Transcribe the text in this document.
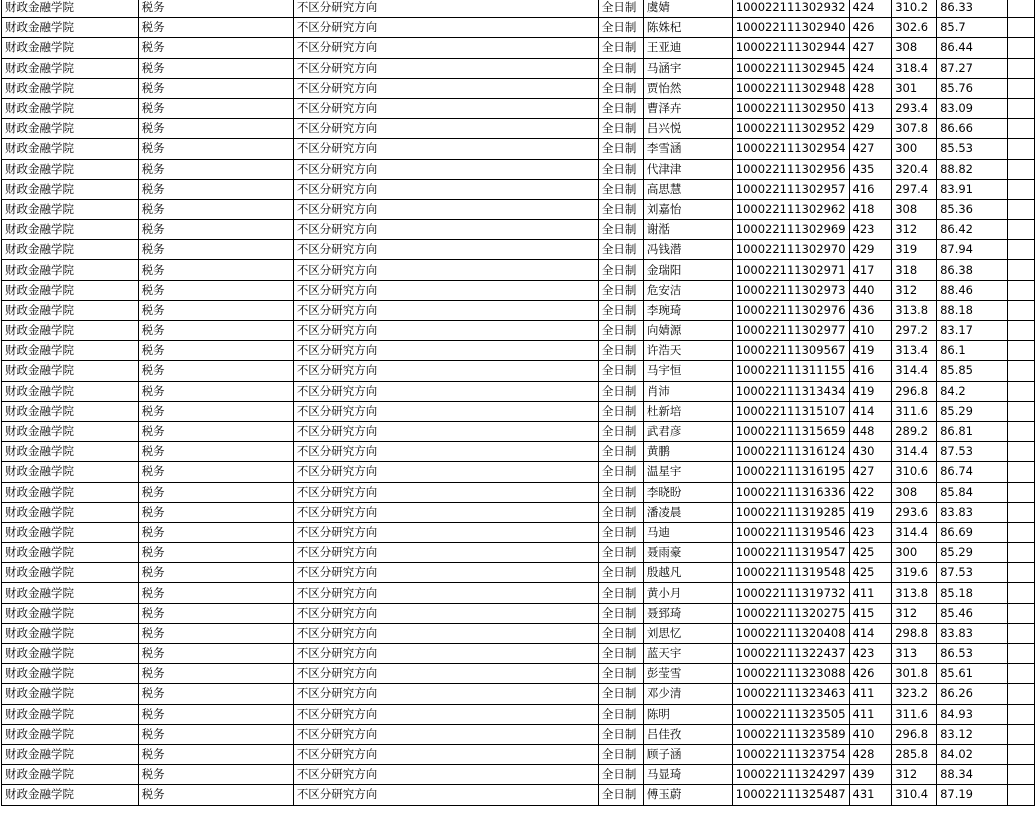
财政金融学院	税务	不区分研究方向	全日制	虞婧	100022111302932	424	310.2	86.33	
财政金融学院	税务	不区分研究方向	全日制	陈姝杞	100022111302940	426	302.6	85.7	
财政金融学院	税务	不区分研究方向	全日制	王亚迪	100022111302944	427	308	86.44	
财政金融学院	税务	不区分研究方向	全日制	马涵宇	100022111302945	424	318.4	87.27	
财政金融学院	税务	不区分研究方向	全日制	贾怡然	100022111302948	428	301	85.76	
财政金融学院	税务	不区分研究方向	全日制	曹泽卉	100022111302950	413	293.4	83.09	
财政金融学院	税务	不区分研究方向	全日制	吕兴悦	100022111302952	429	307.8	86.66	
财政金融学院	税务	不区分研究方向	全日制	李雪涵	100022111302954	427	300	85.53	
财政金融学院	税务	不区分研究方向	全日制	代津津	100022111302956	435	320.4	88.82	
财政金融学院	税务	不区分研究方向	全日制	高思慧	100022111302957	416	297.4	83.91	
财政金融学院	税务	不区分研究方向	全日制	刘嘉怡	100022111302962	418	308	85.36	
财政金融学院	税务	不区分研究方向	全日制	谢湉	100022111302969	423	312	86.42	
财政金融学院	税务	不区分研究方向	全日制	冯钱潜	100022111302970	429	319	87.94	
财政金融学院	税务	不区分研究方向	全日制	金瑞阳	100022111302971	417	318	86.38	
财政金融学院	税务	不区分研究方向	全日制	危安洁	100022111302973	440	312	88.46	
财政金融学院	税务	不区分研究方向	全日制	李琬琦	100022111302976	436	313.8	88.18	
财政金融学院	税务	不区分研究方向	全日制	向婧源	100022111302977	410	297.2	83.17	
财政金融学院	税务	不区分研究方向	全日制	许浩天	100022111309567	419	313.4	86.1	
财政金融学院	税务	不区分研究方向	全日制	马宇恒	100022111311155	416	314.4	85.85	
财政金融学院	税务	不区分研究方向	全日制	肖沛	100022111313434	419	296.8	84.2	
财政金融学院	税务	不区分研究方向	全日制	杜新培	100022111315107	414	311.6	85.29	
财政金融学院	税务	不区分研究方向	全日制	武君彦	100022111315659	448	289.2	86.81	
财政金融学院	税务	不区分研究方向	全日制	黄鹏	100022111316124	430	314.4	87.53	
财政金融学院	税务	不区分研究方向	全日制	温星宇	100022111316195	427	310.6	86.74	
财政金融学院	税务	不区分研究方向	全日制	李晓盼	100022111316336	422	308	85.84	
财政金融学院	税务	不区分研究方向	全日制	潘凌晨	100022111319285	419	293.6	83.83	
财政金融学院	税务	不区分研究方向	全日制	马迪	100022111319546	423	314.4	86.69	
财政金融学院	税务	不区分研究方向	全日制	聂雨豪	100022111319547	425	300	85.29	
财政金融学院	税务	不区分研究方向	全日制	殷越凡	100022111319548	425	319.6	87.53	
财政金融学院	税务	不区分研究方向	全日制	黄小月	100022111319732	411	313.8	85.18	
财政金融学院	税务	不区分研究方向	全日制	聂郅琦	100022111320275	415	312	85.46	
财政金融学院	税务	不区分研究方向	全日制	刘思忆	100022111320408	414	298.8	83.83	
财政金融学院	税务	不区分研究方向	全日制	蓝天宇	100022111322437	423	313	86.53	
财政金融学院	税务	不区分研究方向	全日制	彭莹雪	100022111323088	426	301.8	85.61	
财政金融学院	税务	不区分研究方向	全日制	邓少清	100022111323463	411	323.2	86.26	
财政金融学院	税务	不区分研究方向	全日制	陈明	100022111323505	411	311.6	84.93	
财政金融学院	税务	不区分研究方向	全日制	吕佳孜	100022111323589	410	296.8	83.12	
财政金融学院	税务	不区分研究方向	全日制	顾子涵	100022111323754	428	285.8	84.02	
财政金融学院	税务	不区分研究方向	全日制	马显琦	100022111324297	439	312	88.34	
财政金融学院	税务	不区分研究方向	全日制	傅玉蔚	100022111325487	431	310.4	87.19	
